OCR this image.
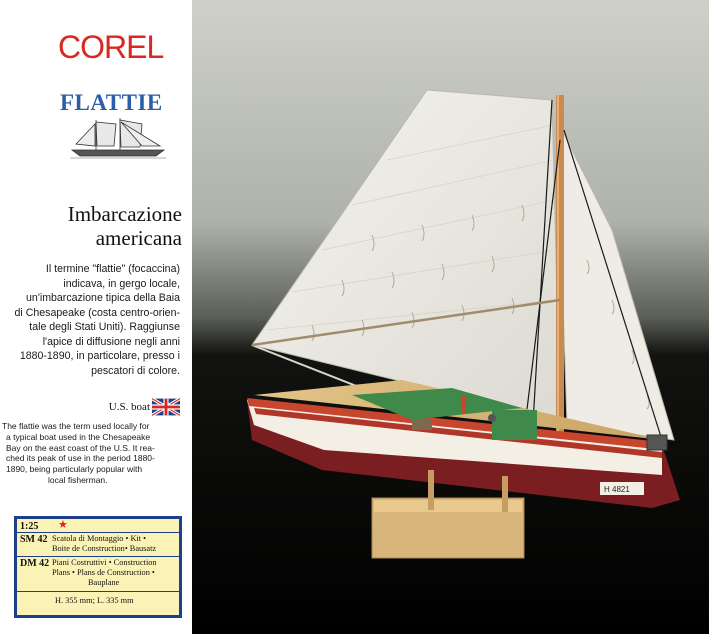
COREL
FLATTIE
Imbarcazione
americana
Il termine "flattie" (focaccina)
indicava, in gergo locale,
un'imbarcazione tipica della Baia
di Chesapeake (costa centro-orien-
tale degli Stati Uniti). Raggiunse
l'apice di diffusione negli anni
1880-1890, in particolare, presso i
pescatori di colore.
U.S. boat
The flattie was the term used locally for
a typical boat used in the Chesapeake
Bay on the east coast of the U.S. It rea-
ched its peak of use in the period 1880-
1890, being particularly popular with
local fisherman.
1:25	★
SM 42 Scatola di Montaggio • Kit •
Boite de Construction• Bausatz
DM 42 Piani Costruttivi • Construction
Plans • Plans de Construction •
Bauplane
H. 355 mm; L. 335 mm
H 4821
